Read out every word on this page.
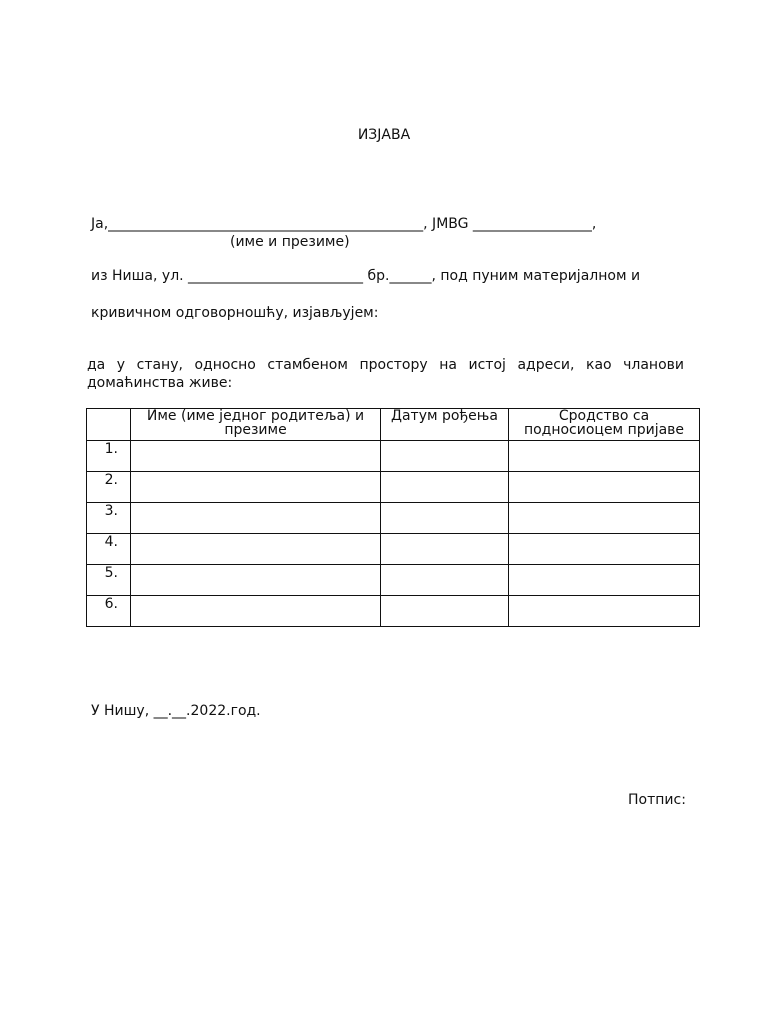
ИЗЈАВА
Ја,_____________________________________________, JMBG _________________,
(име и презиме)
из Ниша, ул. _________________________ бр.______, под пуним материјалном и
кривичном одговорношћу, изјављујем:
да у стану, односно стамбеном простору на истој адреси, као чланови домаћинства живе:
	Име (име једног родитеља) и презиме	Датум рођења	Сродство са подносиоцем пријаве
1.			
2.			
3.			
4.			
5.			
6.			
У Нишу, __.__.2022.год.
Потпис:
